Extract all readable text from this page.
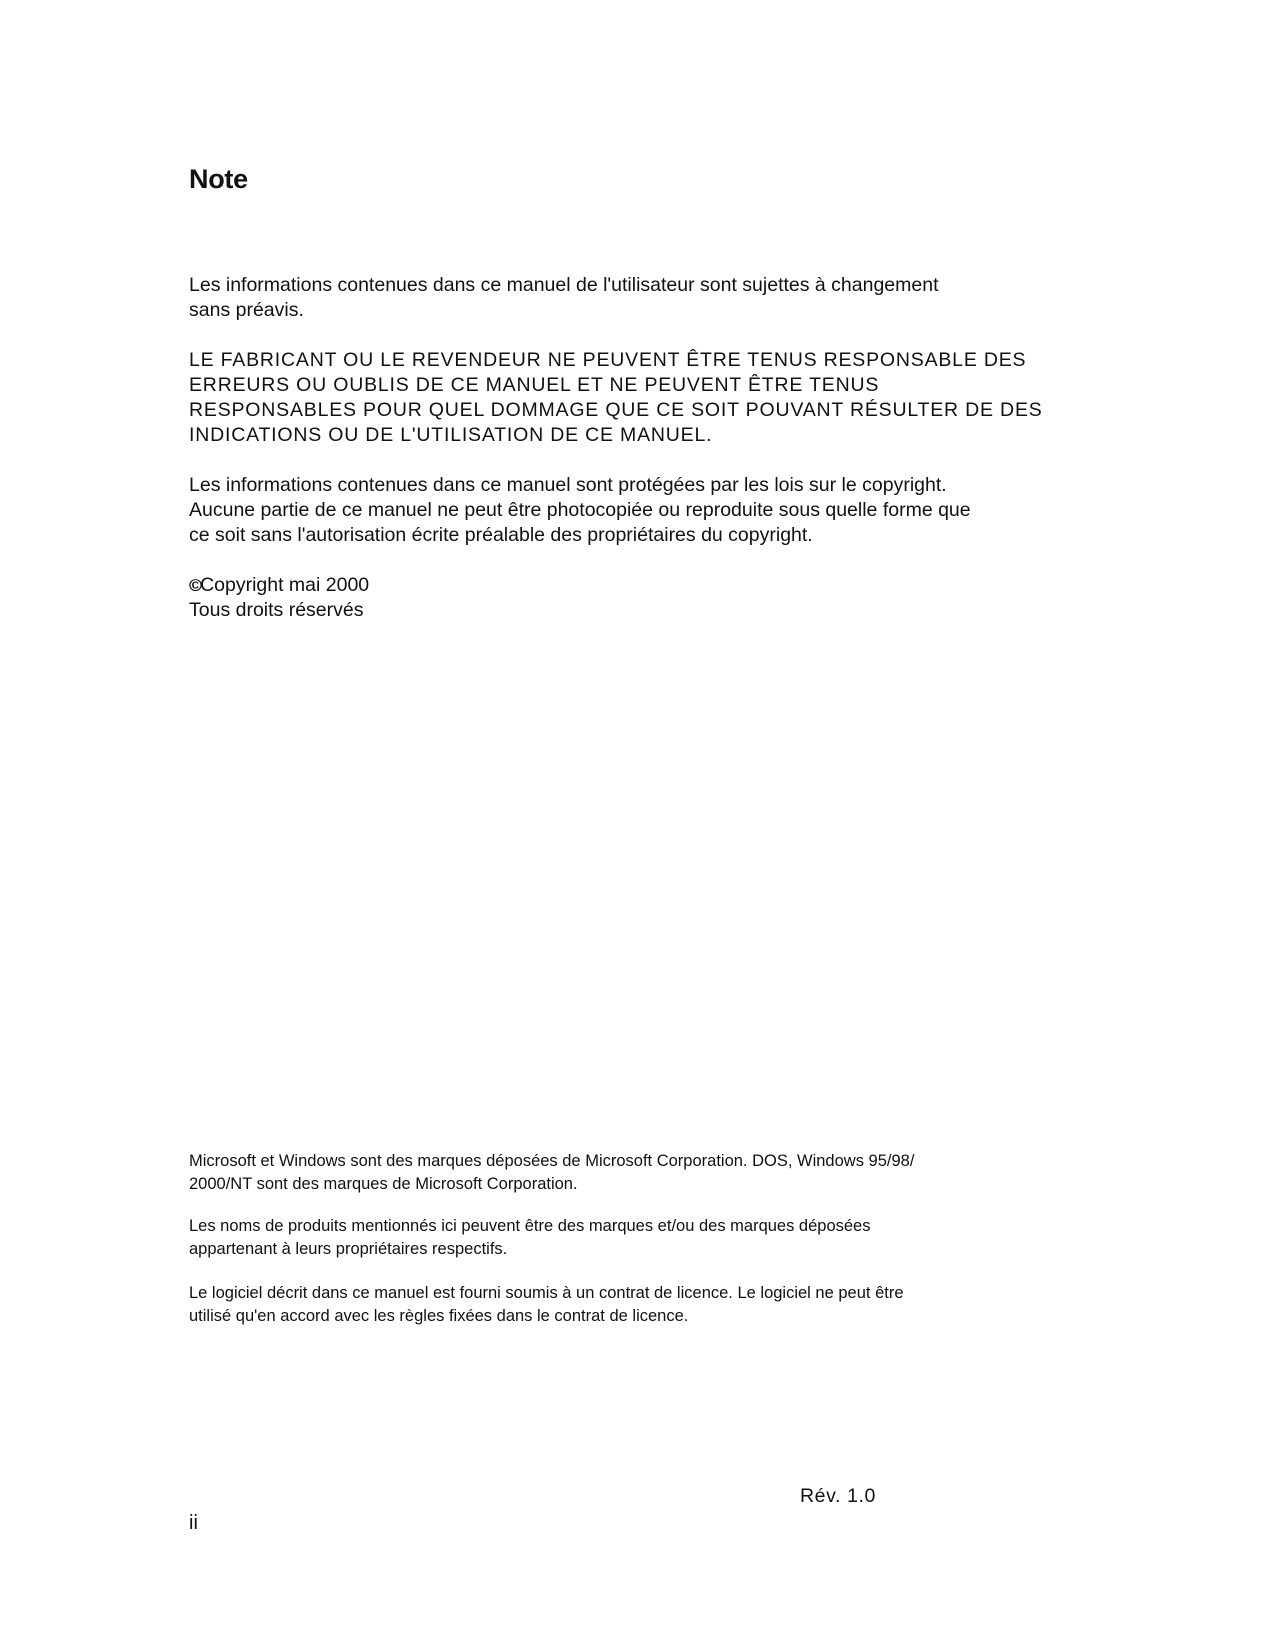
Note
Les informations contenues dans ce manuel de l'utilisateur sont sujettes à changement
sans préavis.
LE FABRICANT OU LE REVENDEUR NE PEUVENT ÊTRE TENUS RESPONSABLE DES
ERREURS OU OUBLIS DE CE MANUEL ET NE PEUVENT ÊTRE TENUS
RESPONSABLES POUR QUEL DOMMAGE QUE CE SOIT POUVANT RÉSULTER DE DES
INDICATIONS OU DE L'UTILISATION DE CE MANUEL.
Les informations contenues dans ce manuel sont protégées par les lois sur le copyright.
Aucune partie de ce manuel ne peut être photocopiée ou reproduite sous quelle forme que
ce soit sans l'autorisation écrite préalable des propriétaires du copyright.
©© Copyright mai 2000
Tous droits réservés
Microsoft et Windows sont des marques déposées de Microsoft Corporation. DOS, Windows 95/98/
2000/NT sont des marques de Microsoft Corporation.
Les noms de produits mentionnés ici peuvent être des marques et/ou des marques déposées
appartenant à leurs propriétaires respectifs.
Le logiciel décrit dans ce manuel est fourni soumis à un contrat de licence. Le logiciel ne peut être
utilisé qu'en accord avec les règles fixées dans le contrat de licence.
Rév. 1.0
ii
